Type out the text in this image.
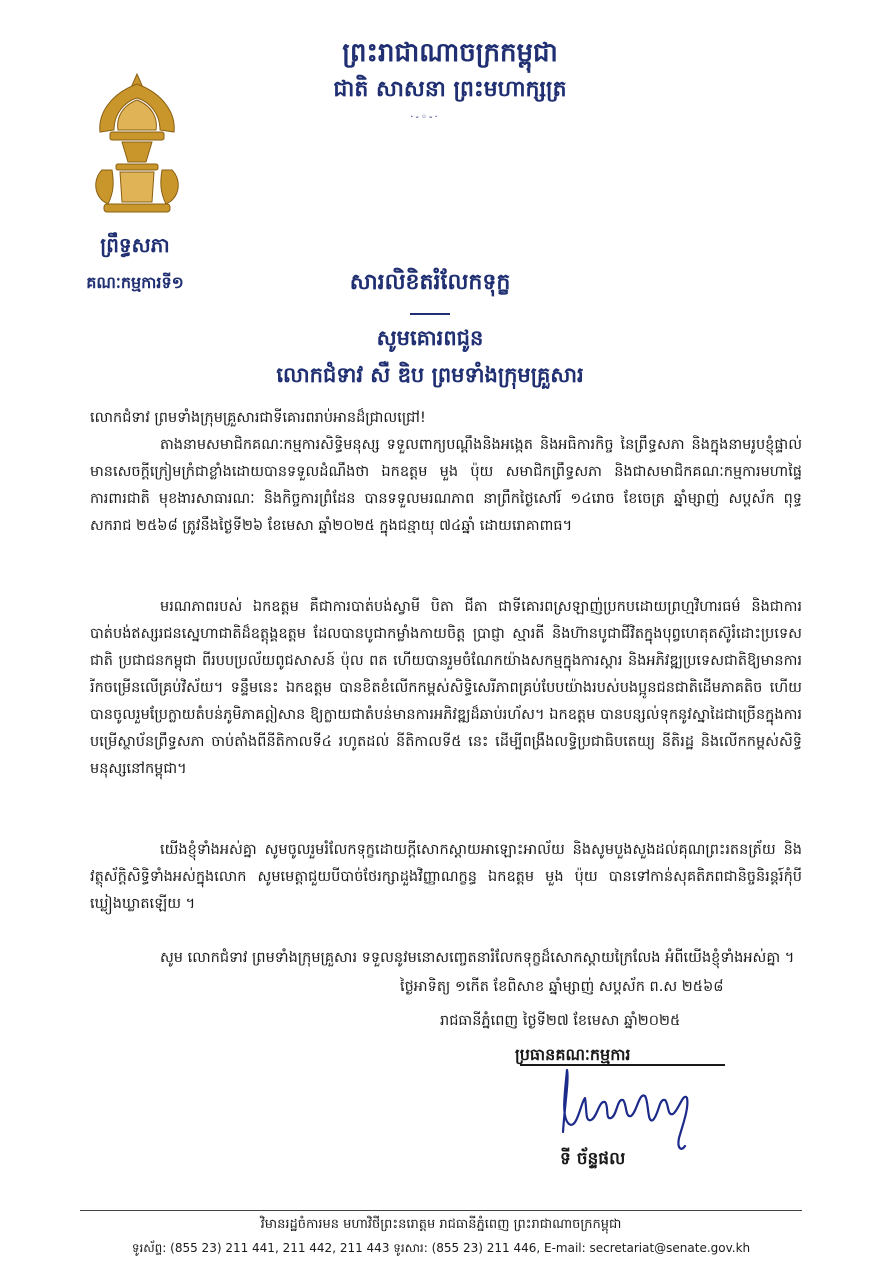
ព្រះរាជាណាចក្រកម្ពុជា
ជាតិ សាសនា ព្រះមហាក្សត្រ
·-◦-·
ព្រឹទ្ធសភា
គណៈកម្មការទី១	សារលិខិតរំលែកទុក្ខ
សូមគោរពជូន
លោកជំទាវ សឺ ឌិប ព្រមទាំងក្រុមគ្រួសារ
លោកជំទាវ ព្រមទាំងក្រុមគ្រួសារជាទីគោរពរាប់អានដ៏ជ្រាលជ្រៅ!
តាងនាមសមាជិកគណៈកម្មការសិទ្ធិមនុស្ស ទទួលពាក្យបណ្ដឹងនិងអង្កេត និងអធិការកិច្ច នៃព្រឹទ្ធសភា និងក្នុងនាមរូបខ្ញុំផ្ទាល់មានសេចក្ដីក្រៀមក្រំជាខ្លាំងដោយបានទទួលដំណឹងថា ឯកឧត្តម មួង ប៉ុយ សមាជិកព្រឹទ្ធសភា និងជាសមាជិកគណៈកម្មការមហាផ្ទៃ ការពារជាតិ មុខងារសាធារណៈ និងកិច្ចការព្រំដែន បានទទួលមរណភាព នាព្រឹកថ្ងៃសៅរ៍ ១៤រោច ខែចេត្រ ឆ្នាំម្សាញ់ សប្តស័ក ពុទ្ធសករាជ ២៥៦៨ ត្រូវនឹងថ្ងៃទី២៦ ខែមេសា ឆ្នាំ២០២៥ ក្នុងជន្មាយុ ៧៤ឆ្នាំ ដោយរោគាពាធ។
មរណភាពរបស់ ឯកឧត្តម គឺជាការបាត់បង់ស្វាមី បិតា ជីតា ជាទីគោរពស្រឡាញ់ប្រកបដោយព្រហ្មវិហារធម៌ និងជាការបាត់បង់ឥស្សរជនស្នេហាជាតិដ៏ឧត្តុង្គឧត្តម ដែលបានបូជាកម្លាំងកាយចិត្ត ប្រាជ្ញា ស្មារតី និងហ៊ានបូជាជីវិតក្នុងបុព្វហេតុតស៊ូរំដោះប្រទេសជាតិ ប្រជាជនកម្ពុជា ពីរបបប្រល័យពូជសាសន៍ ប៉ុល ពត ហើយបានរួមចំណែកយ៉ាងសកម្មក្នុងការស្តារ និងអភិវឌ្ឍប្រទេសជាតិឱ្យមានការរីកចម្រើនលើគ្រប់វិស័យ។ ទន្ទឹមនេះ ឯកឧត្តម បានខិតខំលើកកម្ពស់សិទ្ធិសេរីភាពគ្រប់បែបយ៉ាងរបស់បងប្អូនជនជាតិដើមភាគតិច ហើយបានចូលរួមប្រែក្លាយតំបន់ភូមិភាគឦសាន ឱ្យក្លាយជាតំបន់មានការអភិវឌ្ឍដ៏ឆាប់រហ័ស។ ឯកឧត្តម បានបន្សល់ទុកនូវស្នាដៃជាច្រើនក្នុងការបម្រើស្ថាប័នព្រឹទ្ធសភា ចាប់តាំងពីនីតិកាលទី៤ រហូតដល់ នីតិកាលទី៥ នេះ ដើម្បីពង្រឹងលទ្ធិប្រជាធិបតេយ្យ នីតិរដ្ឋ និងលើកកម្ពស់សិទ្ធិមនុស្សនៅកម្ពុជា។
យើងខ្ញុំទាំងអស់គ្នា សូមចូលរួមរំលែកទុក្ខដោយក្ដីសោកស្ដាយអាឡោះអាល័យ និងសូមបួងសួងដល់គុណព្រះរតនត្រ័យ និងវត្ថុស័ក្តិសិទ្ធិទាំងអស់ក្នុងលោក សូមមេត្តាជួយបីបាច់ថែរក្សាដួងវិញ្ញាណក្ខន្ធ ឯកឧត្តម មួង ប៉ុយ បានទៅកាន់សុគតិភពជានិច្ចនិរន្តរ៍កុំបីឃ្លៀងឃ្លាតឡើយ ។
សូម លោកជំទាវ ព្រមទាំងក្រុមគ្រួសារ ទទួលនូវមនោសញ្ចេតនារំលែកទុក្ខដ៏សោកស្តាយក្រៃលែង អំពីយើងខ្ញុំទាំងអស់គ្នា ។
ថ្ងៃអាទិត្យ ១កើត ខែពិសាខ ឆ្នាំម្សាញ់ សប្តស័ក ព.ស ២៥៦៨
រាជធានីភ្នំពេញ ថ្ងៃទី២៧ ខែមេសា ឆ្នាំ២០២៥
ប្រធានគណៈកម្មការ
ទី ច័ន្ទផល
វិមានរដ្ឋចំការមន មហាវិថីព្រះនរោត្តម រាជធានីភ្នំពេញ ព្រះរាជាណាចក្រកម្ពុជា
ទូរស័ព្ទ: (855 23) 211 441, 211 442, 211 443 ទូរសារ: (855 23) 211 446, E-mail: secretariat@senate.gov.kh
